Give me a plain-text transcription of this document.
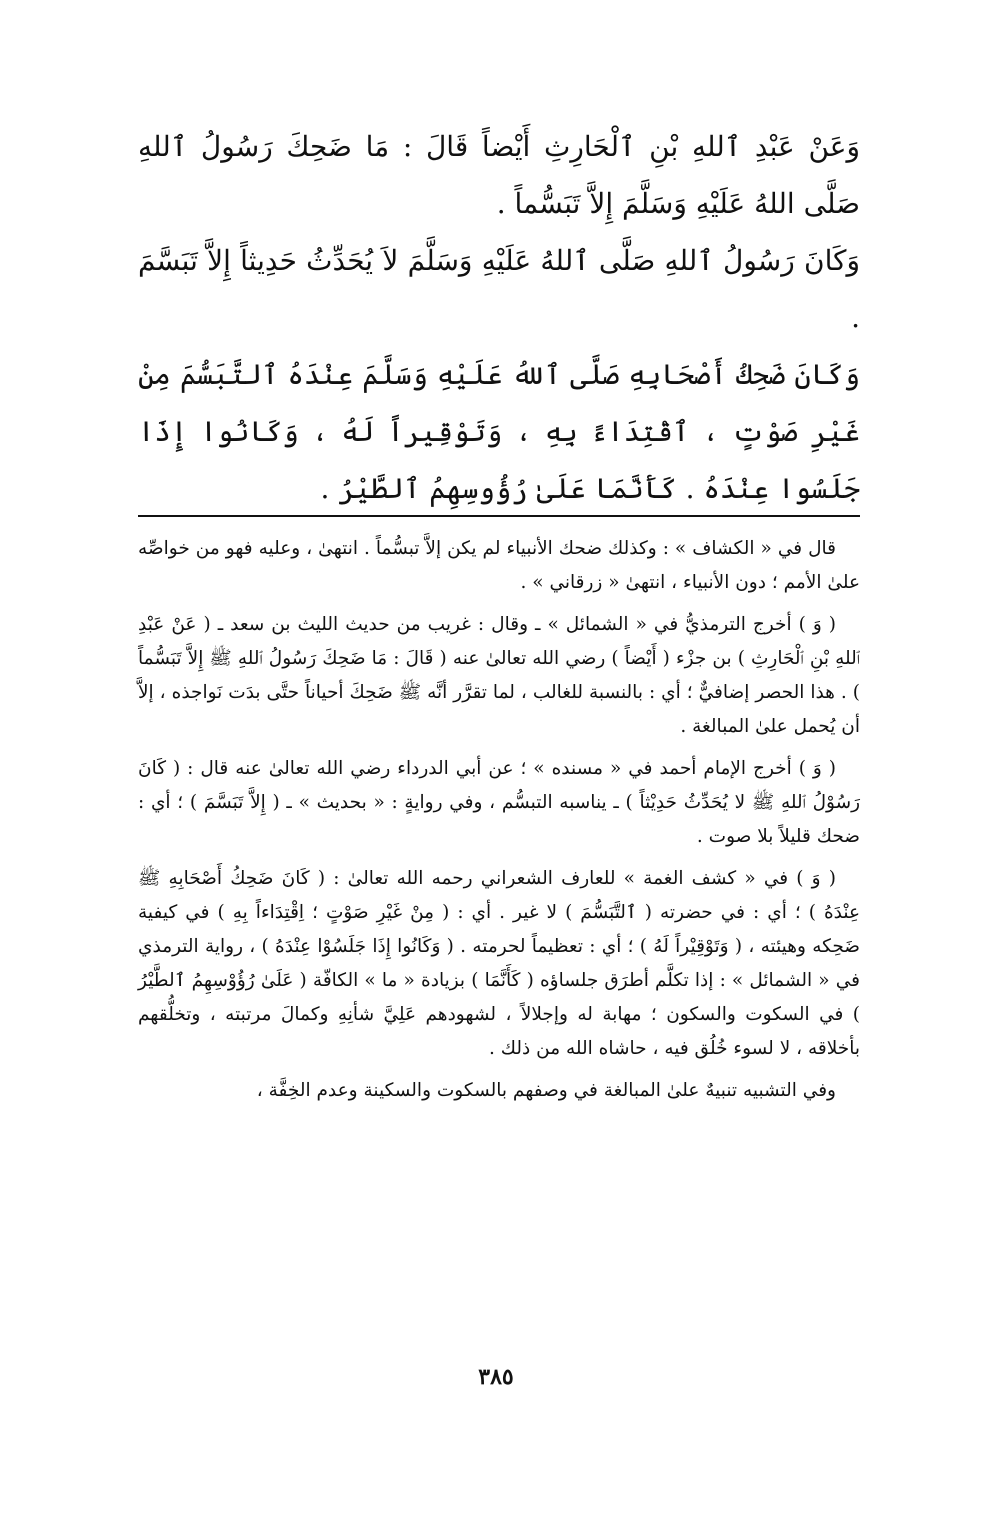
وَعَنْ عَبْدِ ٱللهِ بْنِ ٱلْحَارِثِ أَيْضاً قَالَ : مَا ضَحِكَ رَسُولُ ٱللهِ صَلَّى اللهُ عَلَيْهِ وَسَلَّمَ إِلاَّ تَبَسُّماً .

وَكَانَ رَسُولُ ٱللهِ صَلَّى ٱللهُ عَلَيْهِ وَسَلَّمَ لاَ يُحَدِّثُ حَدِيثاً إِلاَّ تَبَسَّمَ .

وَكَانَ ضَحِكُ أَصْحَابِهِ صَلَّى ٱللهُ عَلَيْهِ وَسَلَّمَ عِنْدَهُ ٱلتَّبَسُّمَ مِنْ غَيْرِ صَوْتٍ ، ٱقْتِدَاءً بِهِ ، وَتَوْقِيراً لَهُ ، وَكَانُوا إِذَا جَلَسُوا عِنْدَهُ . كَأَنَّمَا عَلَىٰ رُؤُوسِهِمُ ٱلطَّيْرُ .

قال في « الكشاف » : وكذلك ضحك الأنبياء لم يكن إلاَّ تبسُّماً . انتهىٰ ، وعليه فهو من خواصِّه علىٰ الأمم ؛ دون الأنبياء ، انتهىٰ « زرقاني » .

( وَ ) أخرج الترمذيُّ في « الشمائل » ـ وقال : غريب من حديث الليث بن سعد ـ ( عَنْ عَبْدِ ٱللهِ بْنِ ٱلْحَارِثِ ) بن جزْء ( أَيْضاً ) رضي الله تعالىٰ عنه ( قَالَ : مَا ضَحِكَ رَسُولُ ٱللهِ ﷺ إِلاَّ تَبَسُّماً ) . هذا الحصر إضافيٌّ ؛ أي : بالنسبة للغالب ، لما تقرَّر أنَّه ﷺ ضَحِكَ أحياناً حتَّى بدَت نَواجذه ، إلاَّ أن يُحمل علىٰ المبالغة .

( وَ ) أخرج الإمام أحمد في « مسنده » ؛ عن أبي الدرداء رضي الله تعالىٰ عنه قال : ( كَانَ رَسُوْلُ ٱللهِ ﷺ لا يُحَدِّثُ حَدِيْثاً ) ـ يناسبه التبسُّم ، وفي روايةٍ : « بحديث » ـ ( إِلاَّ تَبَسَّمَ ) ؛ أي : ضحك قليلاً بلا صوت .

( وَ ) في « كشف الغمة » للعارف الشعراني رحمه الله تعالىٰ : ( كَانَ ضَحِكُ أَصْحَابِهِ ﷺ عِنْدَهُ ) ؛ أي : في حضرته ( ٱلتَّبَسُّمَ ) لا غير . أي : ( مِنْ غَيْرِ صَوْتٍ ؛ اِقْتِدَاءاً بِهِ ) في كيفية ضَحِكه وهيئته ، ( وَتَوْقِيْراً لَهُ ) ؛ أي : تعظيماً لحرمته . ( وَكَانُوا إِذَا جَلَسُوْا عِنْدَهُ ) ، رواية الترمذي في « الشمائل » : إذا تكلَّم أطرَق جلساؤه ( كَأَنَّمَا ) بزيادة « ما » الكافّة ( عَلَىٰ رُؤُوْسِهِمُ ٱلطَّيْرُ ) في السكوت والسكون ؛ مهابة له وإجلالاً ، لشهودهم عَلِيَّ شأنِهِ وكمالَ مرتبته ، وتخلُّقهم بأخلاقه ، لا لسوء خُلُق فيه ، حاشاه الله من ذلك .

وفي التشبيه تنبيهٌ علىٰ المبالغة في وصفهم بالسكوت والسكينة وعدم الخِفَّة ،

٣٨٥
